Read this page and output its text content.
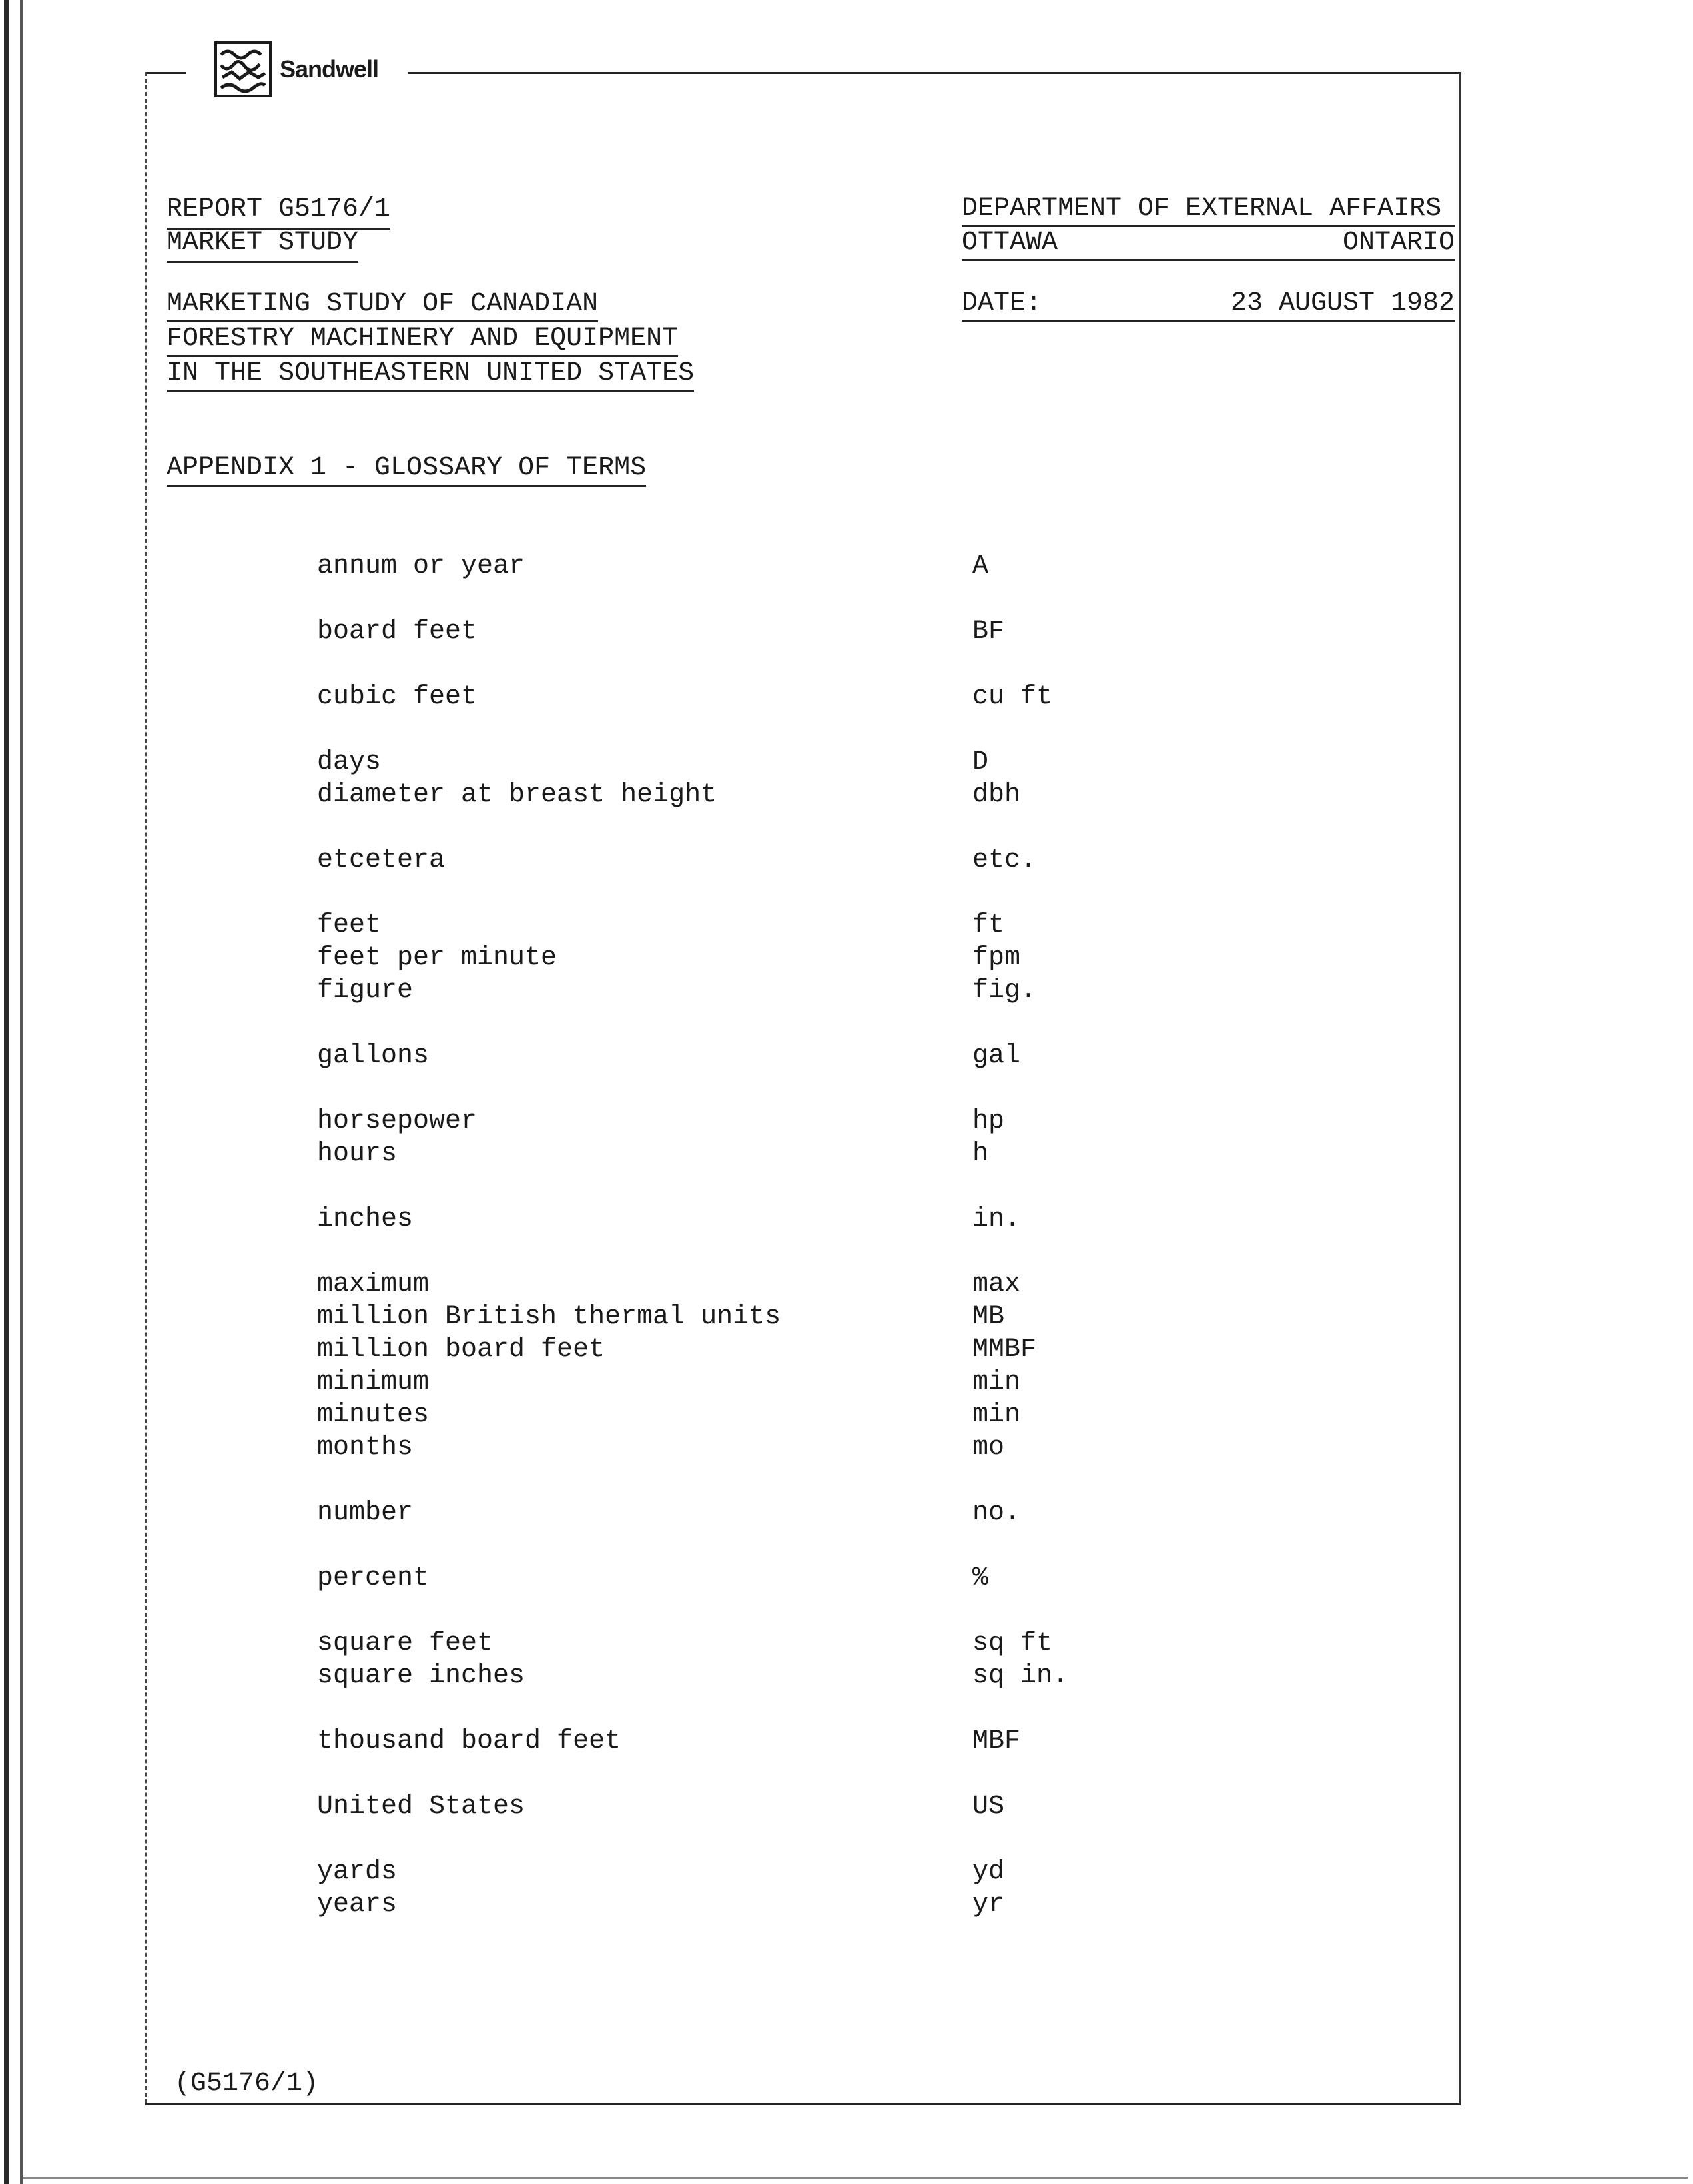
Sandwell
REPORT G5176/1
MARKET STUDY
DEPARTMENT OF EXTERNAL AFFAIRS
OTTAWA	ONTARIO
DATE:	23 AUGUST 1982
MARKETING STUDY OF CANADIAN
FORESTRY MACHINERY AND EQUIPMENT
IN THE SOUTHEASTERN UNITED STATES
APPENDIX 1 - GLOSSARY OF TERMS
annum or year	A
board feet	BF
cubic feet	cu ft
days	D
diameter at breast height	dbh
etcetera	etc.
feet	ft
feet per minute	fpm
figure	fig.
gallons	gal
horsepower	hp
hours	h
inches	in.
maximum	max
million British thermal units	MB
million board feet	MMBF
minimum	min
minutes	min
months	mo
number	no.
percent	%
square feet	sq ft
square inches	sq in.
thousand board feet	MBF
United States	US
yards	yd
years	yr
(G5176/1)
